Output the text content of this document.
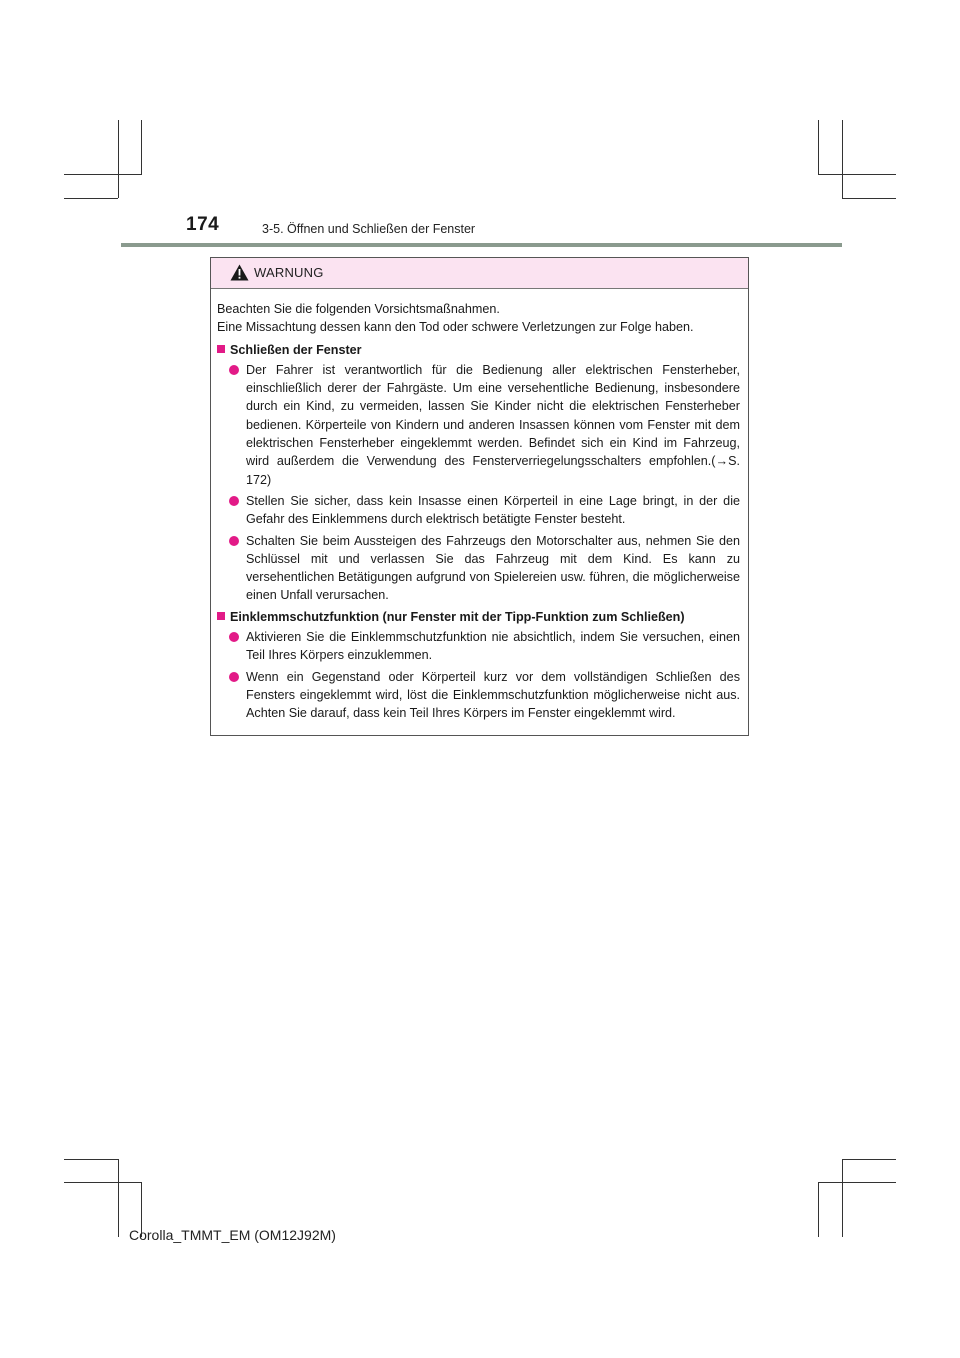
174	3-5. Öffnen und Schließen der Fenster
WARNUNG

Beachten Sie die folgenden Vorsichtsmaßnahmen.

Eine Missachtung dessen kann den Tod oder schwere Verletzungen zur Folge haben.

Schließen der Fenster
Der Fahrer ist verantwortlich für die Bedienung aller elektrischen Fensterheber, einschließlich derer der Fahrgäste. Um eine versehentliche Bedienung, insbesondere durch ein Kind, zu vermeiden, lassen Sie Kinder nicht die elektrischen Fensterheber bedienen. Körperteile von Kindern und anderen Insassen können vom Fenster mit dem elektrischen Fensterheber eingeklemmt werden. Befindet sich ein Kind im Fahrzeug, wird außerdem die Verwendung des Fensterverriegelungsschalters empfohlen.(→S. 172)
Stellen Sie sicher, dass kein Insasse einen Körperteil in eine Lage bringt, in der die Gefahr des Einklemmens durch elektrisch betätigte Fenster besteht.
Schalten Sie beim Aussteigen des Fahrzeugs den Motorschalter aus, nehmen Sie den Schlüssel mit und verlassen Sie das Fahrzeug mit dem Kind. Es kann zu versehentlichen Betätigungen aufgrund von Spielereien usw. führen, die möglicherweise einen Unfall verursachen.
Einklemmschutzfunktion (nur Fenster mit der Tipp-Funktion zum Schließen)
Aktivieren Sie die Einklemmschutzfunktion nie absichtlich, indem Sie versuchen, einen Teil Ihres Körpers einzuklemmen.
Wenn ein Gegenstand oder Körperteil kurz vor dem vollständigen Schließen des Fensters eingeklemmt wird, löst die Einklemmschutzfunktion möglicherweise nicht aus. Achten Sie darauf, dass kein Teil Ihres Körpers im Fenster eingeklemmt wird.
Corolla_TMMT_EM (OM12J92M)
